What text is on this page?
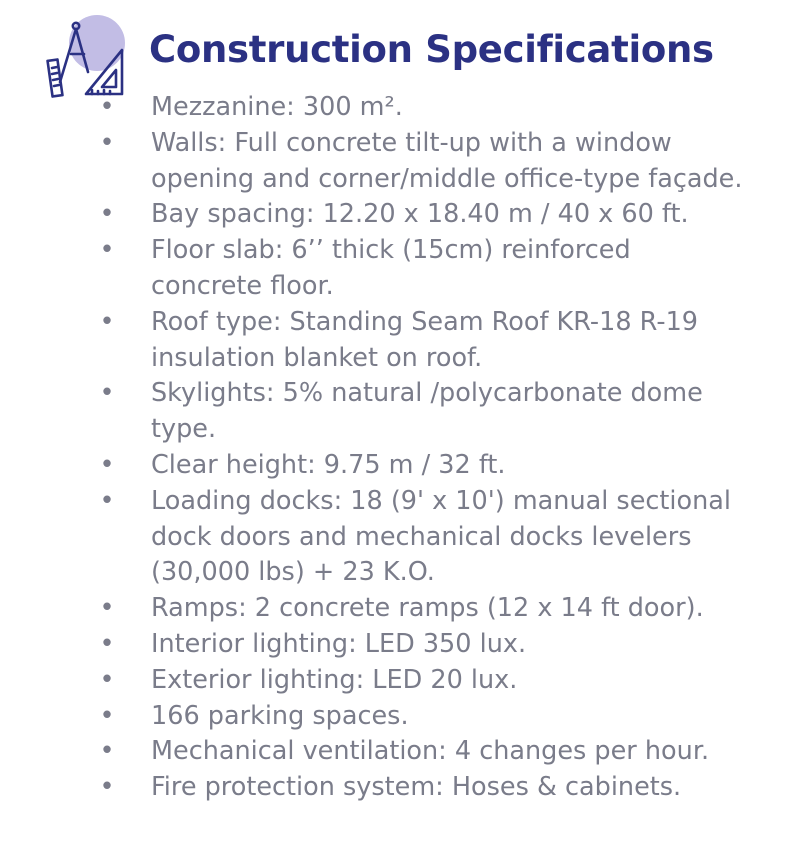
Construction Specifications
• Mezzanine: 300 m².
• Walls: Full concrete tilt-up with a window
opening and corner/middle office-type façade.
• Bay spacing: 12.20 x 18.40 m / 40 x 60 ft.
• Floor slab: 6’’ thick (15cm) reinforced
concrete floor.
• Roof type: Standing Seam Roof KR-18 R-19
insulation blanket on roof.
• Skylights: 5% natural /polycarbonate dome
type.
• Clear height: 9.75 m / 32 ft.
• Loading docks: 18 (9' x 10') manual sectional
dock doors and mechanical docks levelers
(30,000 lbs) + 23 K.O.
• Ramps: 2 concrete ramps (12 x 14 ft door).
• Interior lighting: LED 350 lux.
• Exterior lighting: LED 20 lux.
• 166 parking spaces.
• Mechanical ventilation: 4 changes per hour.
• Fire protection system: Hoses & cabinets.
